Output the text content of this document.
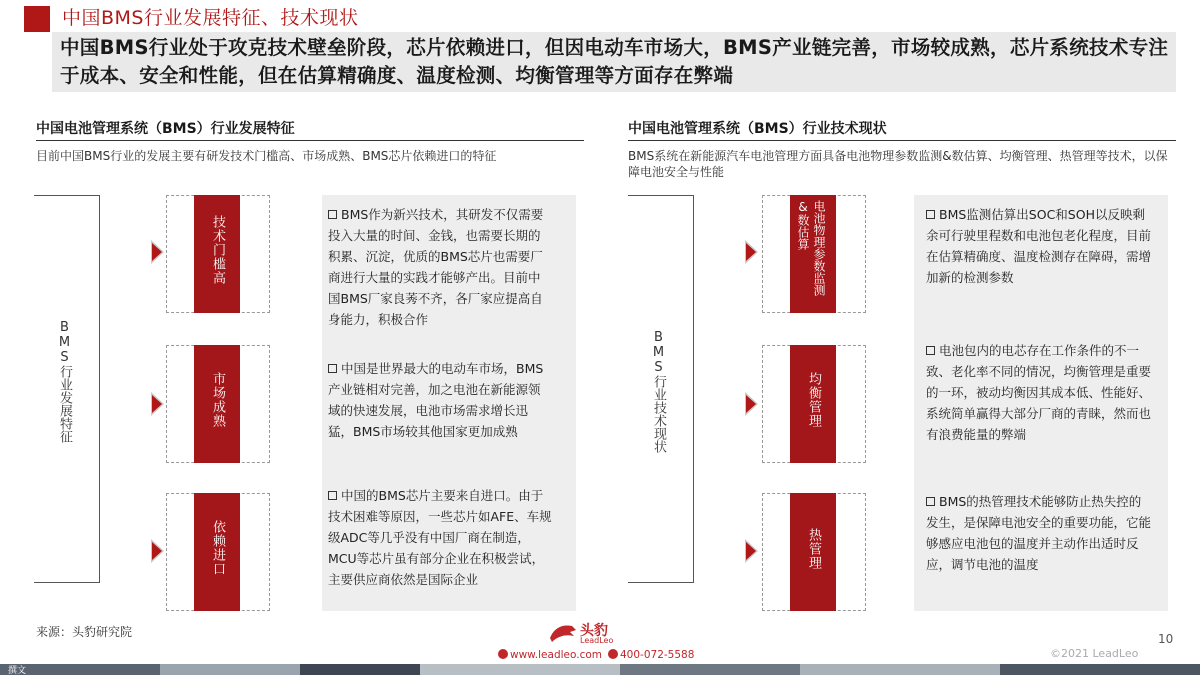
中国BMS行业发展特征、技术现状
中国BMS行业处于攻克技术壁垒阶段，芯片依赖进口，但因电动车市场大，BMS产业链完善，市场较成熟，芯片系统技术专注于成本、安全和性能，但在估算精确度、温度检测、均衡管理等方面存在弊端
中国电池管理系统（BMS）行业发展特征
目前中国BMS行业的发展主要有研发技术门槛高、市场成熟、BMS芯片依赖进口的特征
BMS行业发展特征
技术门槛高
市场成熟
依赖进口
BMS作为新兴技术，其研发不仅需要投入大量的时间、金钱，也需要长期的积累、沉淀，优质的BMS芯片也需要厂商进行大量的实践才能够产出。目前中国BMS厂家良莠不齐，各厂家应提高自身能力，积极合作
中国是世界最大的电动车市场，BMS产业链相对完善，加之电池在新能源领域的快速发展，电池市场需求增长迅猛，BMS市场较其他国家更加成熟
中国的BMS芯片主要来自进口。由于技术困难等原因，一些芯片如AFE、车规级ADC等几乎没有中国厂商在制造，MCU等芯片虽有部分企业在积极尝试，主要供应商依然是国际企业
中国电池管理系统（BMS）行业技术现状
BMS系统在新能源汽车电池管理方面具备电池物理参数监测&数估算、均衡管理、热管理等技术，以保障电池安全与性能
BMS行业技术现状
电池物理参数监测&数估算
均衡管理
热管理
BMS监测估算出SOC和SOH以反映剩余可行驶里程数和电池包老化程度，目前在估算精确度、温度检测存在障碍，需增加新的检测参数
电池包内的电芯存在工作条件的不一致、老化率不同的情况，均衡管理是重要的一环，被动均衡因其成本低、性能好、系统简单赢得大部分厂商的青睐，然而也有浪费能量的弊端
BMS的热管理技术能够防止热失控的发生，是保障电池安全的重要功能，它能够感应电池包的温度并主动作出适时反应，调节电池的温度
来源：头豹研究院	10
头豹
LeadLeo
www.leadleo.com 400-072-5588	©2021 LeadLeo
撰文
